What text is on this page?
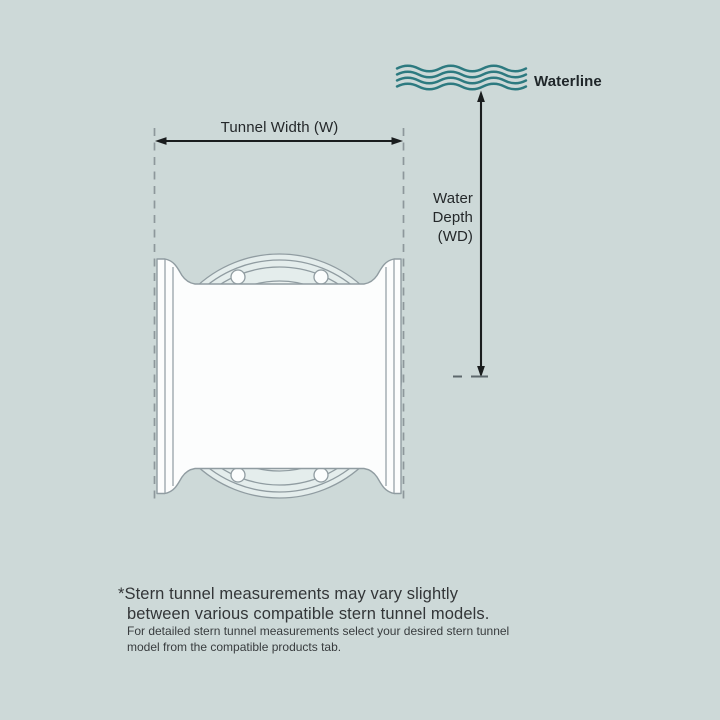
Tunnel Width (W)
Waterline
Water
Depth
(WD)
*Stern tunnel measurements may vary slightly
between various compatible stern tunnel models.
For detailed stern tunnel measurements select your desired stern tunnel
model from the compatible products tab.
